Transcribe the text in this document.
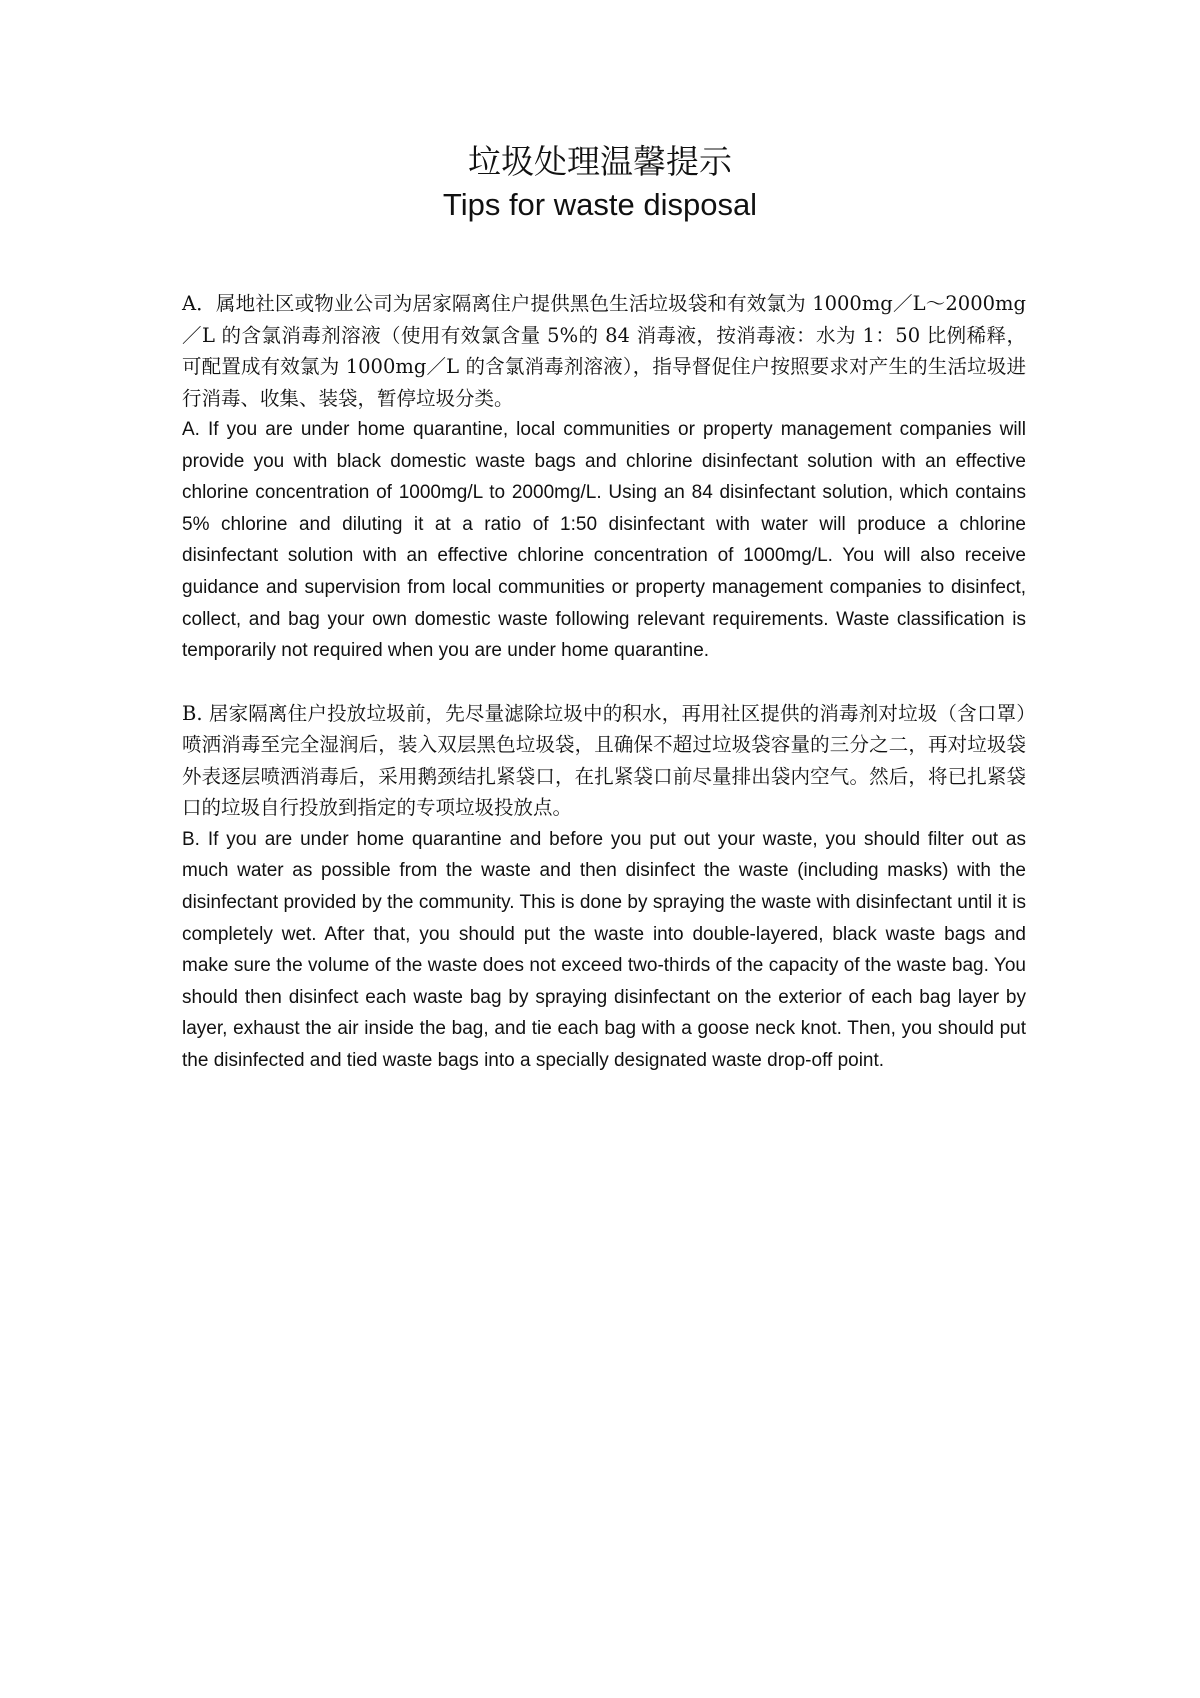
垃圾处理温馨提示
Tips for waste disposal

A．属地社区或物业公司为居家隔离住户提供黑色生活垃圾袋和有效氯为 1000mg／L～2000mg／L 的含氯消毒剂溶液（使用有效氯含量 5%的 84 消毒液，按消毒液：水为 1：50 比例稀释，可配置成有效氯为 1000mg／L 的含氯消毒剂溶液），指导督促住户按照要求对产生的生活垃圾进行消毒、收集、装袋，暂停垃圾分类。

A. If you are under home quarantine, local communities or property management companies will provide you with black domestic waste bags and chlorine disinfectant solution with an effective chlorine concentration of 1000mg/L to 2000mg/L. Using an 84 disinfectant solution, which contains 5% chlorine and diluting it at a ratio of 1:50 disinfectant with water will produce a chlorine disinfectant solution with an effective chlorine concentration of 1000mg/L. You will also receive guidance and supervision from local communities or property management companies to disinfect, collect, and bag your own domestic waste following relevant requirements. Waste classification is temporarily not required when you are under home quarantine.

B. 居家隔离住户投放垃圾前，先尽量滤除垃圾中的积水，再用社区提供的消毒剂对垃圾（含口罩）喷洒消毒至完全湿润后，装入双层黑色垃圾袋，且确保不超过垃圾袋容量的三分之二，再对垃圾袋外表逐层喷洒消毒后，采用鹅颈结扎紧袋口，在扎紧袋口前尽量排出袋内空气。然后，将已扎紧袋口的垃圾自行投放到指定的专项垃圾投放点。

B. If you are under home quarantine and before you put out your waste, you should filter out as much water as possible from the waste and then disinfect the waste (including masks) with the disinfectant provided by the community. This is done by spraying the waste with disinfectant until it is completely wet. After that, you should put the waste into double-layered, black waste bags and make sure the volume of the waste does not exceed two-thirds of the capacity of the waste bag. You should then disinfect each waste bag by spraying disinfectant on the exterior of each bag layer by layer, exhaust the air inside the bag, and tie each bag with a goose neck knot. Then, you should put the disinfected and tied waste bags into a specially designated waste drop-off point.
